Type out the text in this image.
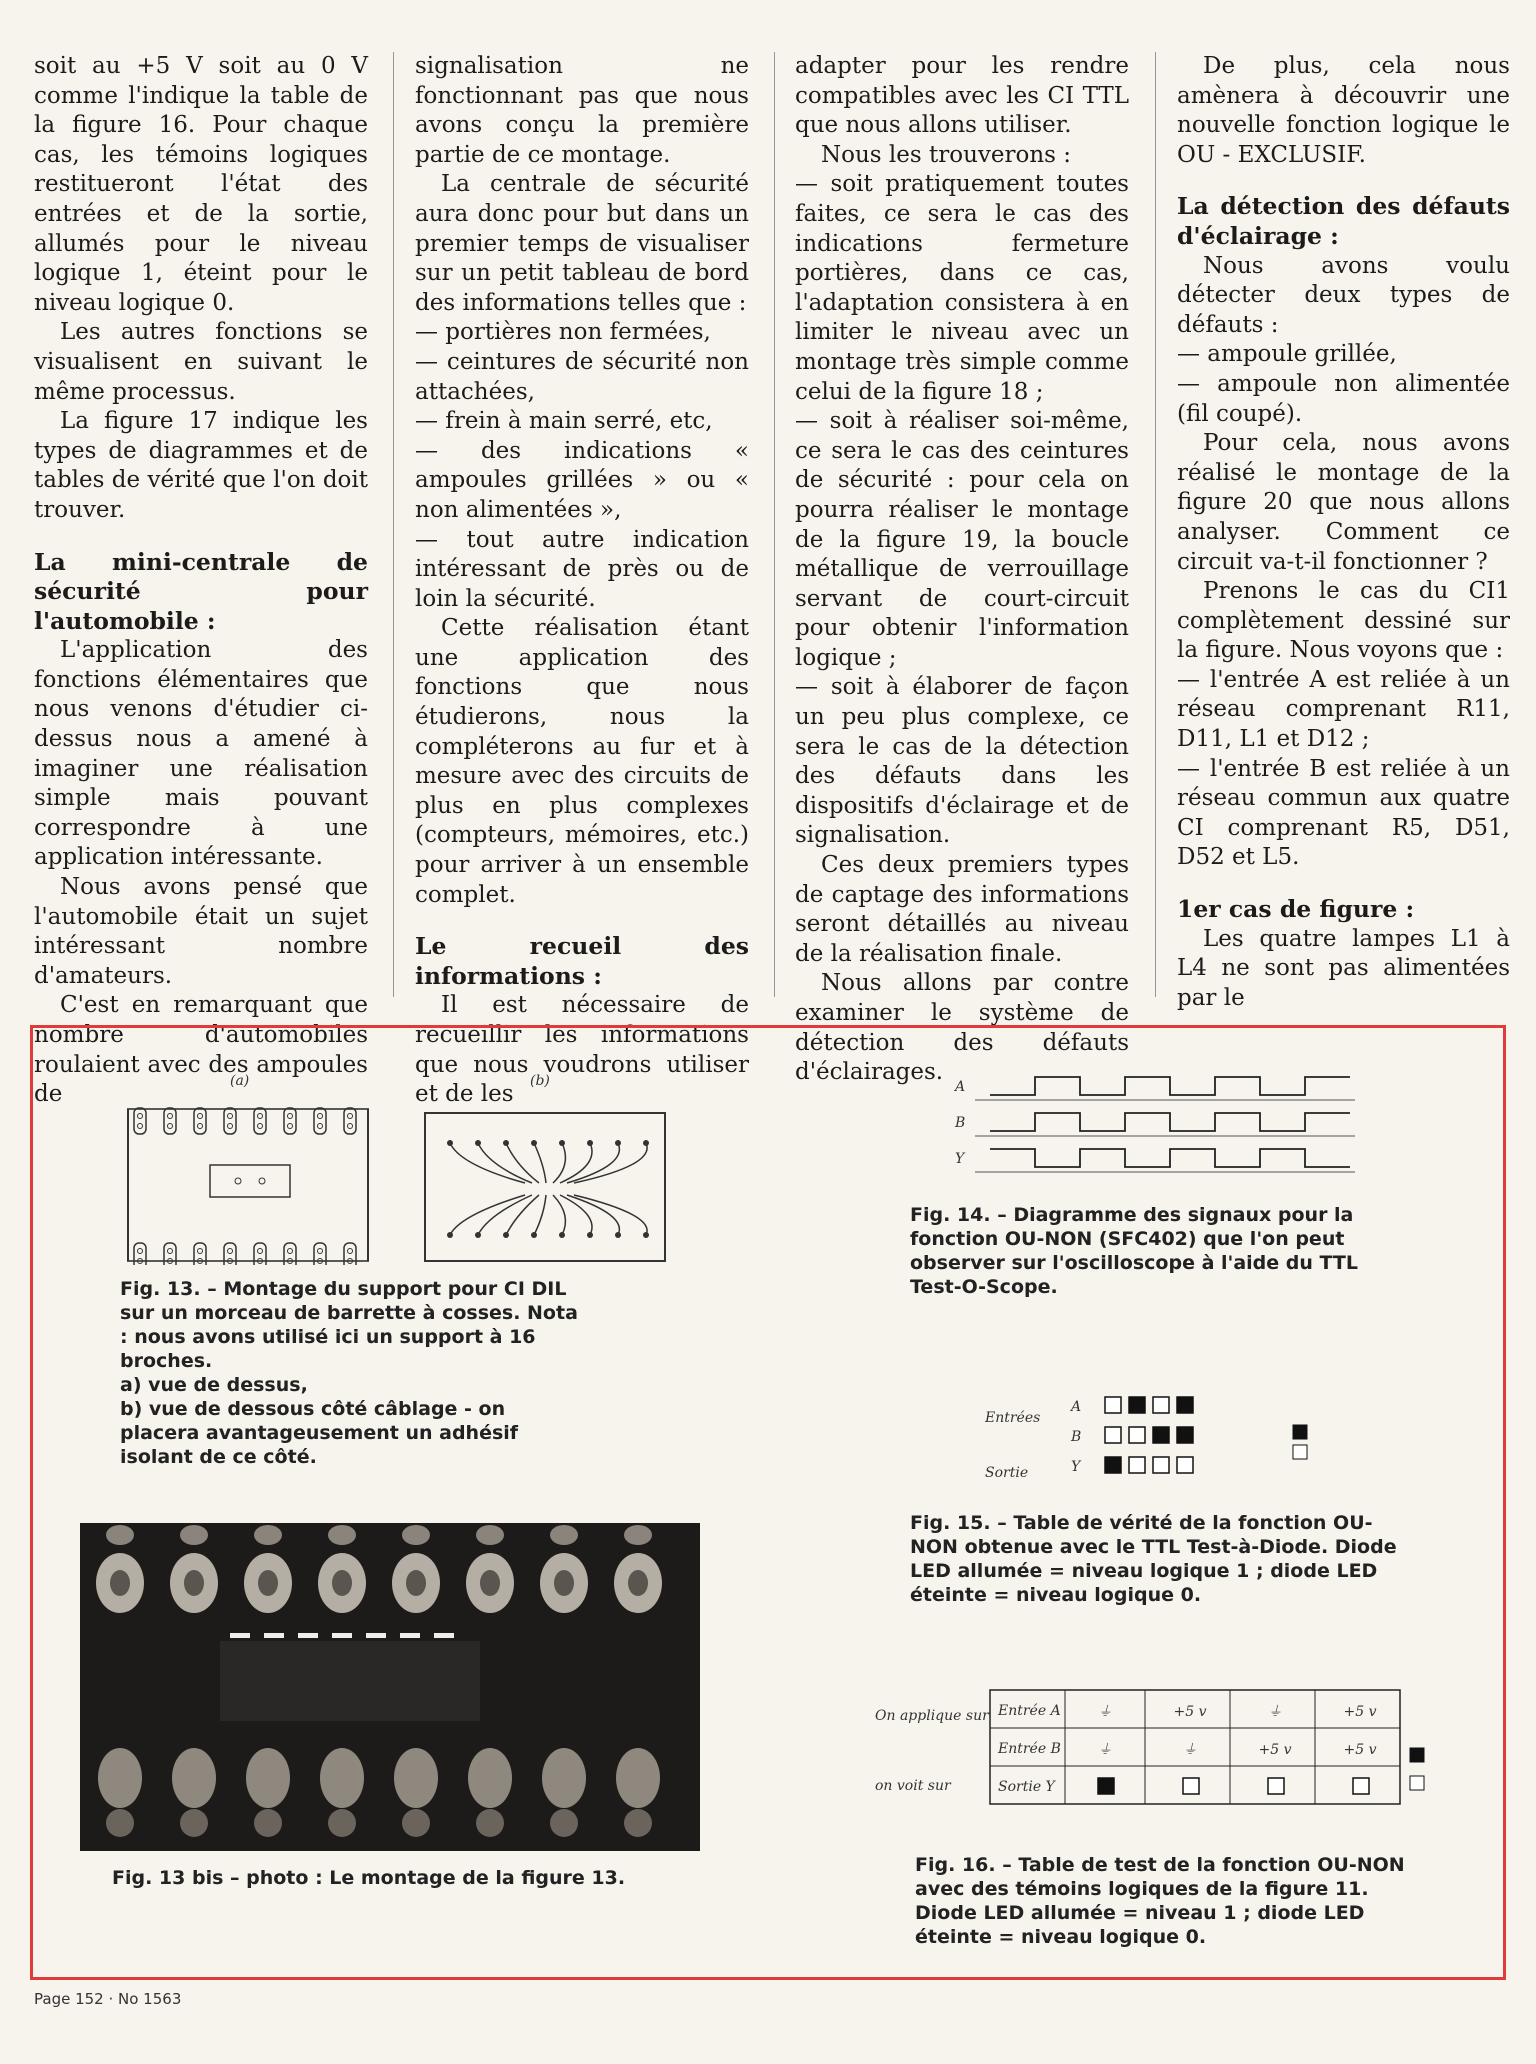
soit au +5 V soit au 0 V comme l'indique la table de la figure 16. Pour chaque cas, les témoins logiques restitueront l'état des entrées et de la sortie, allumés pour le niveau logique 1, éteint pour le niveau logique 0.

Les autres fonctions se visualisent en suivant le même processus.

La figure 17 indique les types de diagrammes et de tables de vérité que l'on doit trouver.

La mini-centrale de sécurité pour l'automobile :

L'application des fonctions élémentaires que nous venons d'étudier ci-dessus nous a amené à imaginer une réalisation simple mais pouvant correspondre à une application intéressante.

Nous avons pensé que l'automobile était un sujet intéressant nombre d'amateurs.

C'est en remarquant que nombre d'automobiles roulaient avec des ampoules de

signalisation ne fonctionnant pas que nous avons conçu la première partie de ce montage.

La centrale de sécurité aura donc pour but dans un premier temps de visualiser sur un petit tableau de bord des informations telles que :

— portières non fermées,

— ceintures de sécurité non attachées,

— frein à main serré, etc,

— des indications « ampoules grillées » ou « non alimentées »,

— tout autre indication intéressant de près ou de loin la sécurité.

Cette réalisation étant une application des fonctions que nous étudierons, nous la compléterons au fur et à mesure avec des circuits de plus en plus complexes (compteurs, mémoires, etc.) pour arriver à un ensemble complet.

Le recueil des informations :

Il est nécessaire de recueillir les informations que nous voudrons utiliser et de les

adapter pour les rendre compatibles avec les CI TTL que nous allons utiliser.

Nous les trouverons :

— soit pratiquement toutes faites, ce sera le cas des indications fermeture portières, dans ce cas, l'adaptation consistera à en limiter le niveau avec un montage très simple comme celui de la figure 18 ;

— soit à réaliser soi-même, ce sera le cas des ceintures de sécurité : pour cela on pourra réaliser le montage de la figure 19, la boucle métallique de verrouillage servant de court-circuit pour obtenir l'information logique ;

— soit à élaborer de façon un peu plus complexe, ce sera le cas de la détection des défauts dans les dispositifs d'éclairage et de signalisation.

Ces deux premiers types de captage des informations seront détaillés au niveau de la réalisation finale.

Nous allons par contre examiner le système de détection des défauts d'éclairages.

De plus, cela nous amènera à découvrir une nouvelle fonction logique le OU - EXCLUSIF.

La détection des défauts d'éclairage :

Nous avons voulu détecter deux types de défauts :

— ampoule grillée,

— ampoule non alimentée (fil coupé).

Pour cela, nous avons réalisé le montage de la figure 20 que nous allons analyser. Comment ce circuit va-t-il fonctionner ?

Prenons le cas du CI1 complètement dessiné sur la figure. Nous voyons que :

— l'entrée A est reliée à un réseau comprenant R11, D11, L1 et D12 ;

— l'entrée B est reliée à un réseau commun aux quatre CI comprenant R5, D51, D52 et L5.

1er cas de figure :

Les quatre lampes L1 à L4 ne sont pas alimentées par le

(a)	(b)
Fig. 13. – Montage du support pour CI DIL sur un morceau de barrette à cosses. Nota : nous avons utilisé ici un support à 16 broches.
a) vue de dessus,
b) vue de dessous côté câblage - on placera avantageusement un adhésif isolant de ce côté.
Fig. 13 bis – photo : Le montage de la figure 13.
A
B
Y
Fig. 14. – Diagramme des signaux pour la fonction OU-NON (SFC402) que l'on peut observer sur l'oscilloscope à l'aide du TTL Test-O-Scope.
Entrées
Sortie
A
B
Y
Fig. 15. – Table de vérité de la fonction OU-NON obtenue avec le TTL Test-à-Diode. Diode LED allumée = niveau logique 1 ; diode LED éteinte = niveau logique 0.
On applique sur
on voit sur
Entrée A	⏚	+5 v	⏚	+5 v
Entrée B	⏚	⏚	+5 v	+5 v
Sortie Y
Fig. 16. – Table de test de la fonction OU-NON avec des témoins logiques de la figure 11. Diode LED allumée = niveau 1 ; diode LED éteinte = niveau logique 0.
Page 152 · No 1563
